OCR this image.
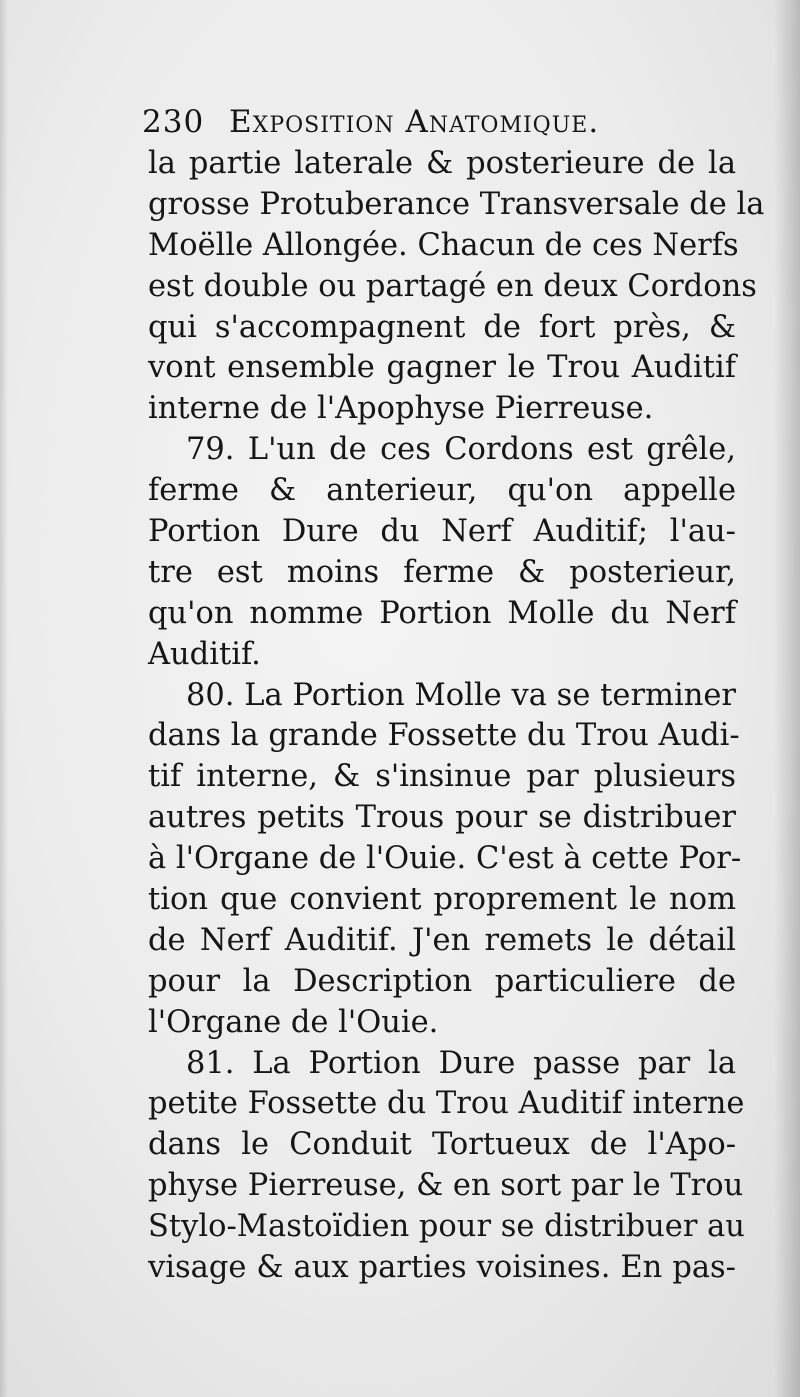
230 Exposition Anatomique.
la partie laterale & posterieure de la
grosse Protuberance Transversale de la
Moëlle Allongée. Chacun de ces Nerfs
est double ou partagé en deux Cordons
qui s'accompagnent de fort près, &
vont ensemble gagner le Trou Auditif
interne de l'Apophyse Pierreuse.
79. L'un de ces Cordons est grêle,
ferme & anterieur, qu'on appelle
Portion Dure du Nerf Auditif; l'au-
tre est moins ferme & posterieur,
qu'on nomme Portion Molle du Nerf
Auditif.
80. La Portion Molle va se terminer
dans la grande Fossette du Trou Audi-
tif interne, & s'insinue par plusieurs
autres petits Trous pour se distribuer
à l'Organe de l'Ouie. C'est à cette Por-
tion que convient proprement le nom
de Nerf Auditif. J'en remets le détail
pour la Description particuliere de
l'Organe de l'Ouie.
81. La Portion Dure passe par la
petite Fossette du Trou Auditif interne
dans le Conduit Tortueux de l'Apo-
physe Pierreuse, & en sort par le Trou
Stylo-Mastoïdien pour se distribuer au
visage & aux parties voisines. En pas-
